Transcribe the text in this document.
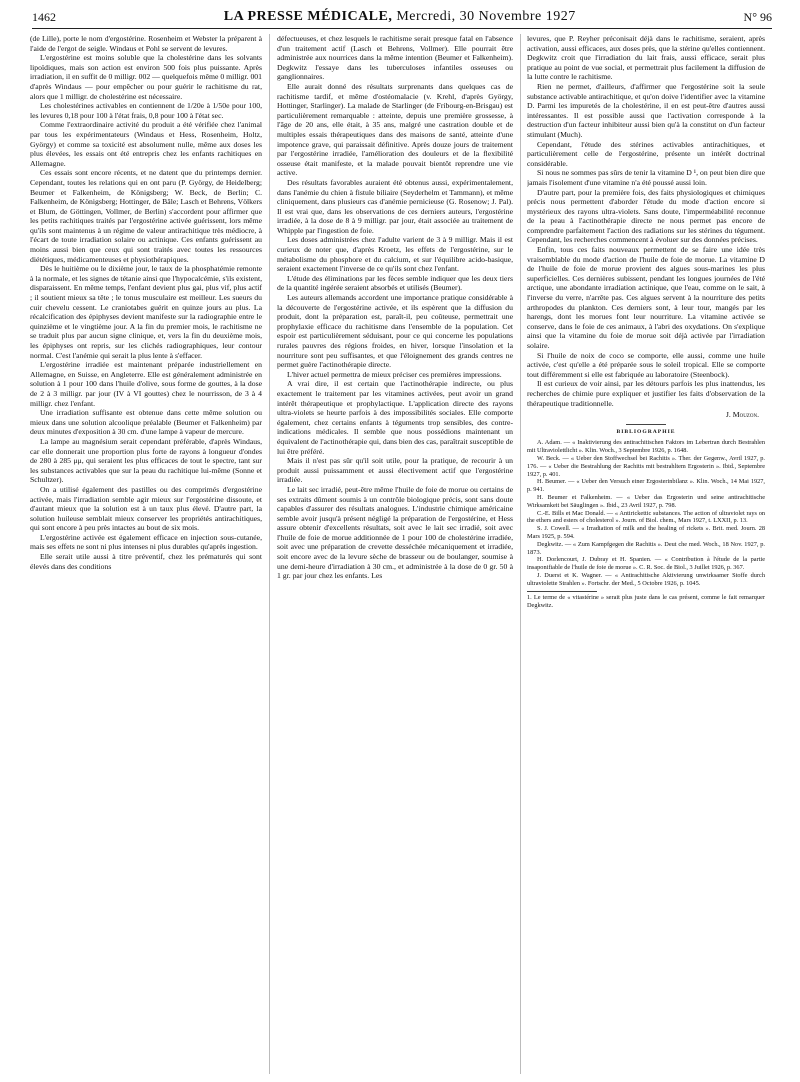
1462	LA PRESSE MÉDICALE, Mercredi, 30 Novembre 1927	N° 96

(de Lille), porte le nom d'ergostérine. Rosenheim et Webster la préparent à l'aide de l'ergot de seigle. Windaus et Pohl se servent de levures.

L'ergostérine est moins soluble que la cholestérine dans les solvants lipoïdiques, mais son action est environ 500 fois plus puissante. Après irradiation, il en suffit de 0 milligr. 002 — quelquefois même 0 milligr. 001 d'après Windaus — pour empêcher ou pour guérir le rachitisme du rat, alors que 1 milligr. de cholestérine est nécessaire.

Les cholestérines activables en contiennent de 1/20e à 1/50e pour 100, les levures 0,18 pour 100 à l'état frais, 0,8 pour 100 à l'état sec.

Comme l'extraordinaire activité du produit a été vérifiée chez l'animal par tous les expérimentateurs (Windaus et Hess, Rosenheim, Holtz, György) et comme sa toxicité est absolument nulle, même aux doses les plus élevées, les essais ont été entrepris chez les enfants rachitiques en Allemagne.

Ces essais sont encore récents, et ne datent que du printemps dernier. Cependant, toutes les relations qui en ont paru (P. György, de Heidelberg; Beumer et Falkenheim, de Königsberg; W. Beck, de Berlin; C. Falkenheim, de Königsberg; Hottinger, de Bâle; Lasch et Behrens, Völkers et Blum, de Göttingen, Vollmer, de Berlin) s'accordent pour affirmer que les petits rachitiques traités par l'ergostérine activée guérissent, lors même qu'ils sont maintenus à un régime de valeur antirachitique très médiocre, à l'écart de toute irradiation solaire ou actinique. Ces enfants guérissent au moins aussi bien que ceux qui sont traités avec toutes les ressources diététiques, médicamenteuses et physiothérapiques.

Dès le huitième ou le dixième jour, le taux de la phosphatémie remonte à la normale, et les signes de tétanie ainsi que l'hypocalcémie, s'ils existent, disparaissent. En même temps, l'enfant devient plus gai, plus vif, plus actif ; il soutient mieux sa tête ; le tonus musculaire est meilleur. Les sueurs du cuir chevelu cessent. Le craniotabes guérit en quinze jours au plus. La récalcification des épiphyses devient manifeste sur la radiographie entre le quinzième et le vingtième jour. A la fin du premier mois, le rachitisme ne se traduit plus par aucun signe clinique, et, vers la fin du deuxième mois, les épiphyses ont repris, sur les clichés radiographiques, leur contour normal. C'est l'anémie qui serait la plus lente à s'effacer.

L'ergostérine irradiée est maintenant préparée industriellement en Allemagne, en Suisse, en Angleterre. Elle est généralement administrée en solution à 1 pour 100 dans l'huile d'olive, sous forme de gouttes, à la dose de 2 à 3 milligr. par jour (IV à VI gouttes) chez le nourrisson, de 3 à 4 milligr. chez l'enfant.

Une irradiation suffisante est obtenue dans cette même solution ou mieux dans une solution alcoolique préalable (Beumer et Falkenheim) par deux minutes d'exposition à 30 cm. d'une lampe à vapeur de mercure.

La lampe au magnésium serait cependant préférable, d'après Windaus, car elle donnerait une proportion plus forte de rayons à longueur d'ondes de 280 à 285 μμ, qui seraient les plus efficaces de tout le spectre, tant sur les substances activables que sur la peau du rachitique lui-même (Sonne et Schultzer).

On a utilisé également des pastilles ou des comprimés d'ergostérine activée, mais l'irradiation semble agir mieux sur l'ergostérine dissoute, et d'autant mieux que la solution est à un taux plus élevé. D'autre part, la solution huileuse semblait mieux conserver les propriétés antirachitiques, qui sont encore à peu près intactes au bout de six mois.

L'ergostérine activée est également efficace en injection sous-cutanée, mais ses effets ne sont ni plus intenses ni plus durables qu'après ingestion.

Elle serait utile aussi à titre préventif, chez les prématurés qui sont élevés dans des conditions

défectueuses, et chez lesquels le rachitisme serait presque fatal en l'absence d'un traitement actif (Lasch et Behrens, Vollmer). Elle pourrait être administrée aux nourrices dans la même intention (Beumer et Falkenheim). Degkwitz l'essaye dans les tuberculoses infantiles osseuses ou ganglionnaires.

Elle aurait donné des résultats surprenants dans quelques cas de rachitisme tardif, et même d'ostéomalacie (v. Krehl, d'après György, Hottinger, Starlinger). La malade de Starlinger (de Fribourg-en-Brisgau) est particulièrement remarquable : atteinte, depuis une première grossesse, à l'âge de 20 ans, elle était, à 35 ans, malgré une castration double et de multiples essais thérapeutiques dans des maisons de santé, atteinte d'une impotence grave, qui paraissait définitive. Après douze jours de traitement par l'ergostérine irradiée, l'amélioration des douleurs et de la flexibilité osseuse était manifeste, et la malade pouvait bientôt reprendre une vie active.

Des résultats favorables auraient été obtenus aussi, expérimentalement, dans l'anémie du chien à fistule biliaire (Seyderhelm et Tammann), et même cliniquement, dans plusieurs cas d'anémie pernicieuse (G. Rosenow; J. Pal). Il est vrai que, dans les observations de ces derniers auteurs, l'ergostérine irradiée, à la dose de 8 à 9 milligr. par jour, était associée au traitement de Whipple par l'ingestion de foie.

Les doses administrées chez l'adulte varient de 3 à 9 milligr. Mais il est curieux de noter que, d'après Kroetz, les effets de l'ergostérine, sur le métabolisme du phosphore et du calcium, et sur l'équilibre acido-basique, seraient exactement l'inverse de ce qu'ils sont chez l'enfant.

L'étude des éliminations par les fèces semble indiquer que les deux tiers de la quantité ingérée seraient absorbés et utilisés (Beumer).

Les auteurs allemands accordent une importance pratique considérable à la découverte de l'ergostérine activée, et ils espèrent que la diffusion du produit, dont la préparation est, paraît-il, peu coûteuse, permettrait une prophylaxie efficace du rachitisme dans l'ensemble de la population. Cet espoir est particulièrement séduisant, pour ce qui concerne les populations rurales pauvres des régions froides, en hiver, lorsque l'insolation et la nourriture sont peu suffisantes, et que l'éloignement des grands centres ne permet guère l'actinothérapie directe.

L'hiver actuel permettra de mieux préciser ces premières impressions.

A vrai dire, il est certain que l'actinothérapie indirecte, ou plus exactement le traitement par les vitamines activées, peut avoir un grand intérêt thérapeutique et prophylactique. L'application directe des rayons ultra-violets se heurte parfois à des impossibilités sociales. Elle comporte également, chez certains enfants à téguments trop sensibles, des contre-indications médicales. Il semble que nous possédions maintenant un équivalent de l'actinothérapie qui, dans bien des cas, paraîtrait susceptible de lui être préféré.

Mais il n'est pas sûr qu'il soit utile, pour la pratique, de recourir à un produit aussi puissamment et aussi électivement actif que l'ergostérine irradiée.

Le lait sec irradié, peut-être même l'huile de foie de morue ou certains de ses extraits dûment soumis à un contrôle biologique précis, sont sans doute capables d'assurer des résultats analogues. L'industrie chimique américaine semble avoir jusqu'à présent négligé la préparation de l'ergostérine, et Hess assure obtenir d'excellents résultats, soit avec le lait sec irradié, soit avec l'huile de foie de morue additionnée de 1 pour 100 de cholestérine irradiée, soit avec une préparation de crevette desséchée mécaniquement et irradiée, soit encore avec de la levure sèche de brasseur ou de boulanger, soumise à une demi-heure d'irradiation à 30 cm., et administrée à la dose de 0 gr. 50 à 1 gr. par jour chez les enfants. Les

levures, que P. Reyher préconisait déjà dans le rachitisme, seraient, après activation, aussi efficaces, aux doses près, que la stérine qu'elles contiennent. Degkwitz croit que l'irradiation du lait frais, aussi efficace, serait plus pratique au point de vue social, et permettrait plus facilement la diffusion de la lutte contre le rachitisme.

Rien ne permet, d'ailleurs, d'affirmer que l'ergostérine soit la seule substance activable antirachitique, et qu'on doive l'identifier avec la vitamine D. Parmi les impuretés de la cholestérine, il en est peut-être d'autres aussi intéressantes. Il est possible aussi que l'activation corresponde à la destruction d'un facteur inhibiteur aussi bien qu'à la constitut on d'un facteur stimulant (Much).

Cependant, l'étude des stérines activables antirachitiques, et particulièrement celle de l'ergostérine, présente un intérêt doctrinal considérable.

Si nous ne sommes pas sûrs de tenir la vitamine D ¹, on peut bien dire que jamais l'isolement d'une vitamine n'a été poussé aussi loin.

D'autre part, pour la première fois, des faits physiologiques et chimiques précis nous permettent d'aborder l'étude du mode d'action encore si mystérieux des rayons ultra-violets. Sans doute, l'imperméabilité reconnue de la peau à l'actinothérapie directe ne nous permet pas encore de comprendre parfaitement l'action des radiations sur les stérines du tégument. Cependant, les recherches commencent à évoluer sur des données précises.

Enfin, tous ces faits nouveaux permettent de se faire une idée très vraisemblable du mode d'action de l'huile de foie de morue. La vitamine D de l'huile de foie de morue provient des algues sous-marines les plus superficielles. Ces dernières subissent, pendant les longues journées de l'été arctique, une abondante irradiation actinique, que l'eau, comme on le sait, à l'inverse du verre, n'arrête pas. Ces algues servent à la nourriture des petits arthropodes du plankton. Ces derniers sont, à leur tour, mangés par les harengs, dont les morues font leur nourriture. La vitamine activée se conserve, dans le foie de ces animaux, à l'abri des oxydations. On s'explique ainsi que la vitamine du foie de morue soit déjà activée par l'irradiation solaire.

Si l'huile de noix de coco se comporte, elle aussi, comme une huile activée, c'est qu'elle a été préparée sous le soleil tropical. Elle se comporte tout différemment si elle est fabriquée au laboratoire (Steenbock).

Il est curieux de voir ainsi, par les détours parfois les plus inattendus, les recherches de chimie pure expliquer et justifier les faits d'observation de la thérapeutique traditionnelle.

J. Mouzon.
BIBLIOGRAPHIE

A. Adam. — « Inaktivierung des antirachitischen Faktors im Lebertran durch Bestrahlen mit Ultraviolettlicht ». Klin. Woch., 3 Septembre 1926, p. 1648.

W. Beck. — « Ueber den Stoffwechsel bei Rachitis ». Ther. der Gegenw., Avril 1927, p. 176. — « Ueber die Bestrahlung der Rachitis mit bestrahltem Ergosterin ». Ibid., Septembre 1927, p. 401.

H. Beumer. — « Ueber den Versuch einer Ergosterinbilanz ». Klin. Woch., 14 Mai 1927, p. 941.

H. Beumer et Falkenheim. — « Ueber das Ergosterin und seine antirachitische Wirksamkeit bei Säuglingen ». Ibid., 23 Avril 1927, p. 798.

C.-E. Bills et Mac Donald. — « Antirickettic substances. The action of ultraviolet rays on the ethers and esters of cholesterol ». Journ. of Biol. chem., Mars 1927, t. LXXII, p. 13.

S. J. Cowell. — « Irradiation of milk and the healing of rickets ». Brit. med. Journ. 28 Mars 1925, p. 594.

Degkwitz. — « Zum Kampfgegen die Rachitis ». Deut che med. Woch., 18 Nov. 1927, p. 1873.

H. Dorlencourt, J. Dubray et H. Spanien. — « Contribution à l'étude de la partie insaponifiable de l'huile de foie de morue ». C. R. Soc. de Biol., 3 Juillet 1926, p. 367.

J. Duerst et K. Wagner. — « Antirachitische Aktivierung unwirksamer Stoffe durch ultraviolette Strahlen ». Fortschr. der Med., 5 Octobre 1926, p. 1045.

1. Le terme de « vitastérine » serait plus juste dans le cas présent, comme le fait remarquer Degkwitz.
